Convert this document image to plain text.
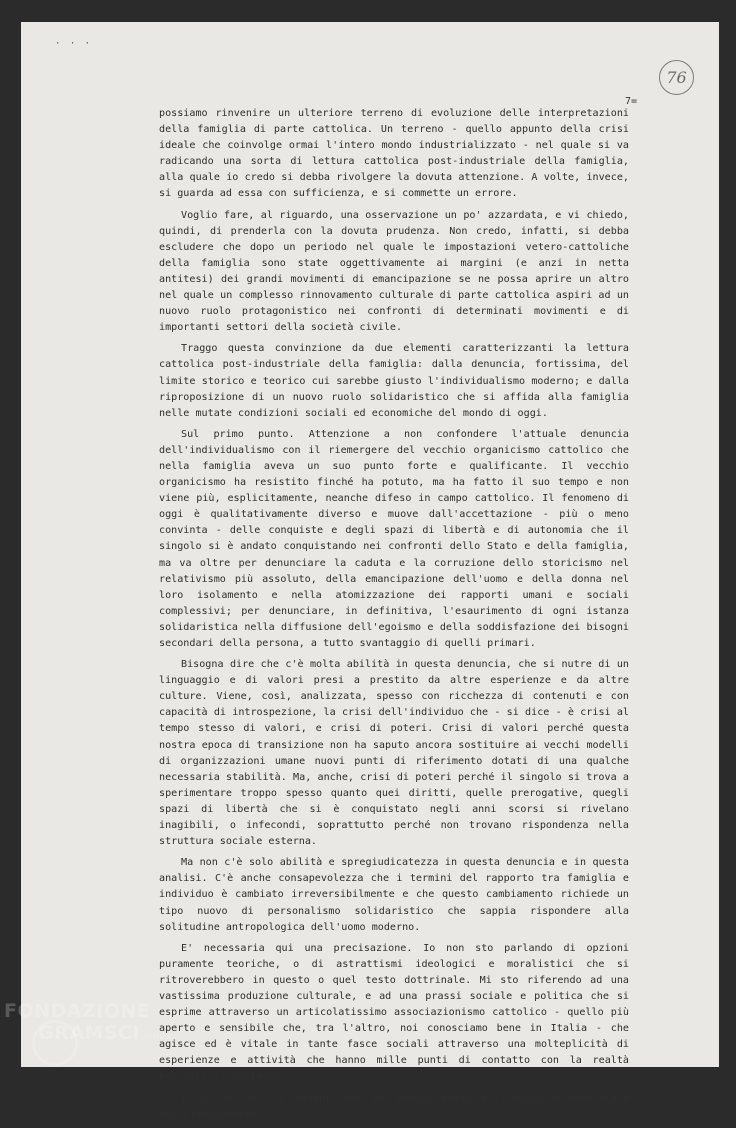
· · ·
76
7=

possiamo rinvenire un ulteriore terreno di evoluzione delle interpretazioni della famiglia di parte cattolica. Un terreno - quello appunto della crisi ideale che coinvolge ormai l'intero mondo industrializzato - nel quale si va radicando una sorta di lettura cattolica post-industriale della famiglia, alla quale io credo si debba rivolgere la dovuta attenzione. A volte, invece, si guarda ad essa con sufficienza, e si commette un errore.

Voglio fare, al riguardo, una osservazione un po' azzardata, e vi chiedo, quindi, di prenderla con la dovuta prudenza. Non credo, infatti, si debba escludere che dopo un periodo nel quale le impostazioni vetero-cattoliche della famiglia sono state oggettivamente ai margini (e anzi in netta antitesi) dei grandi movimenti di emancipazione se ne possa aprire un altro nel quale un complesso rinnovamento culturale di parte cattolica aspiri ad un nuovo ruolo protagonistico nei confronti di determinati movimenti e di importanti settori della società civile.

Traggo questa convinzione da due elementi caratterizzanti la lettura cattolica post-industriale della famiglia: dalla denuncia, fortissima, del limite storico e teorico cui sarebbe giusto l'individualismo moderno; e dalla riproposizione di un nuovo ruolo solidaristico che si affida alla famiglia nelle mutate condizioni sociali ed economiche del mondo di oggi.

Sul primo punto. Attenzione a non confondere l'attuale denuncia dell'individualismo con il riemergere del vecchio organicismo cattolico che nella famiglia aveva un suo punto forte e qualificante. Il vecchio organicismo ha resistito finché ha potuto, ma ha fatto il suo tempo e non viene più, esplicitamente, neanche difeso in campo cattolico. Il fenomeno di oggi è qualitativamente diverso e muove dall'accettazione - più o meno convinta - delle conquiste e degli spazi di libertà e di autonomia che il singolo si è andato conquistando nei confronti dello Stato e della famiglia, ma va oltre per denunciare la caduta e la corruzione dello storicismo nel relativismo più assoluto, della emancipazione dell'uomo e della donna nel loro isolamento e nella atomizzazione dei rapporti umani e sociali complessivi; per denunciare, in definitiva, l'esaurimento di ogni istanza solidaristica nella diffusione dell'egoismo e della soddisfazione dei bisogni secondari della persona, a tutto svantaggio di quelli primari.

Bisogna dire che c'è molta abilità in questa denuncia, che si nutre di un linguaggio e di valori presi a prestito da altre esperienze e da altre culture. Viene, così, analizzata, spesso con ricchezza di contenuti e con capacità di introspezione, la crisi dell'individuo che - si dice - è crisi al tempo stesso di valori, e crisi di poteri. Crisi di valori perché questa nostra epoca di transizione non ha saputo ancora sostituire ai vecchi modelli di organizzazioni umane nuovi punti di riferimento dotati di una qualche necessaria stabilità. Ma, anche, crisi di poteri perché il singolo si trova a sperimentare troppo spesso quanto quei diritti, quelle prerogative, quegli spazi di libertà che si è conquistato negli anni scorsi si rivelano inagibili, o infecondi, soprattutto perché non trovano rispondenza nella struttura sociale esterna.

Ma non c'è solo abilità e spregiudicatezza in questa denuncia e in questa analisi. C'è anche consapevolezza che i termini del rapporto tra famiglia e individuo è cambiato irreversibilmente e che questo cambiamento richiede un tipo nuovo di personalismo solidaristico che sappia rispondere alla solitudine antropologica dell'uomo moderno.

E' necessaria qui una precisazione. Io non sto parlando di opzioni puramente teoriche, o di astrattismi ideologici e moralistici che si ritroverebbero in questo o quel testo dottrinale. Mi sto riferendo ad una vastissima produzione culturale, e ad una prassi sociale e politica che si esprime attraverso un articolatissimo associazionismo cattolico - quello più aperto e sensibile che, tra l'altro, noi conosciamo bene in Italia - che agisce ed è vitale in tante fasce sociali attraverso una molteplicità di esperienze e attività che hanno mille punti di contatto con la realtà politica circostante.

Ecco, se noi ci addentriamo in questo mondo articolato e molecolare scorgiamo presto

FONDAZIONE
GRAMSCI onlus
